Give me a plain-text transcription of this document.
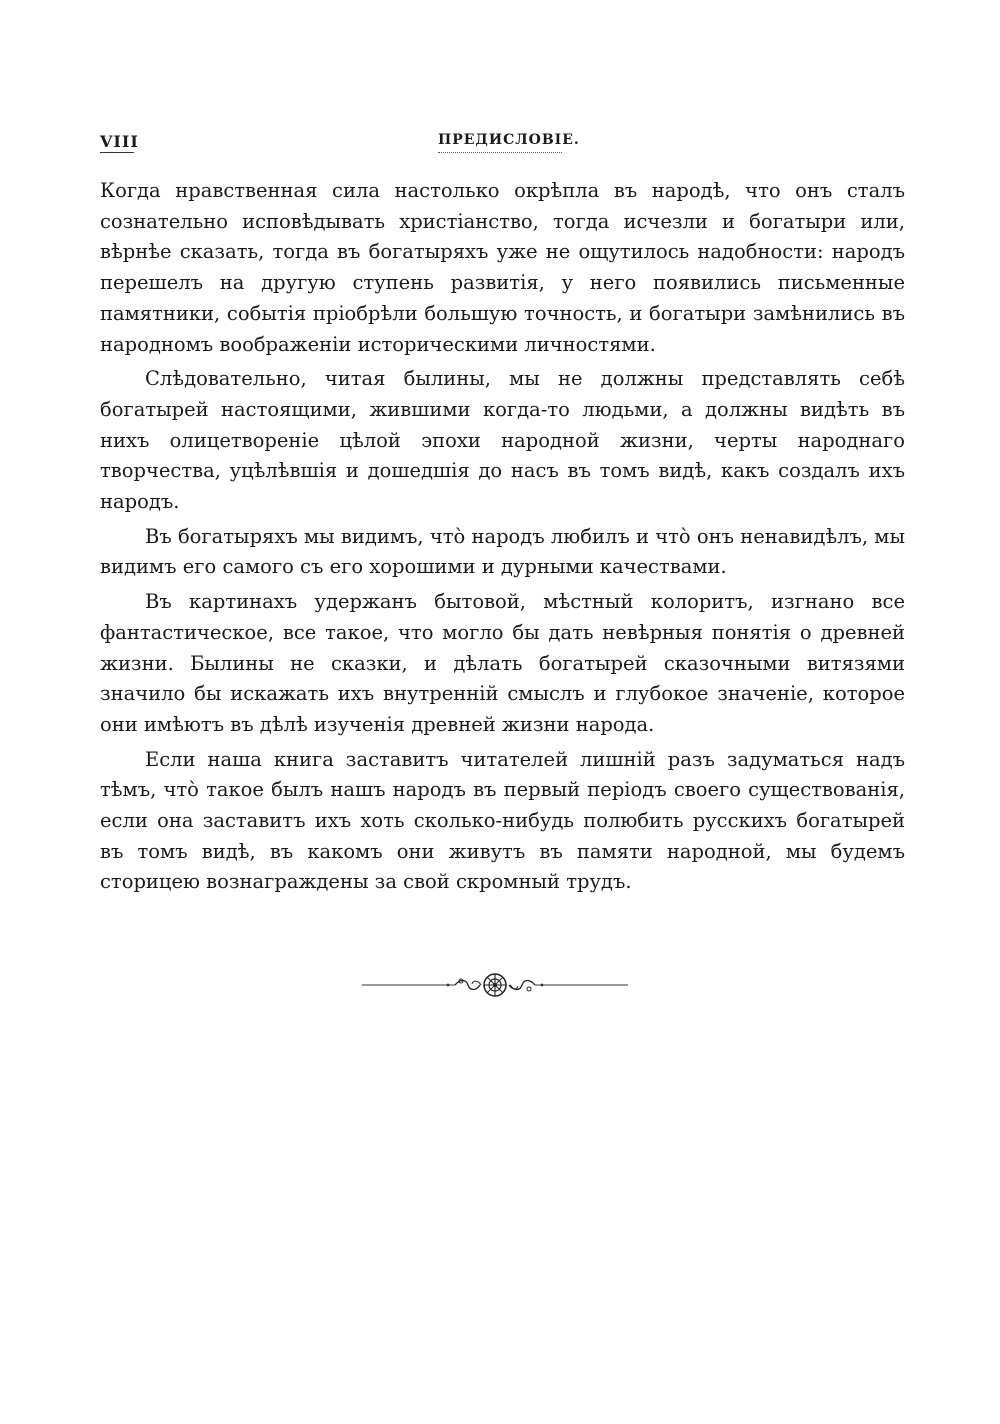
VIII	ПРЕДИСЛОВІЕ.

Когда нравственная сила настолько окрѣпла въ народѣ, что онъ сталъ сознательно исповѣдывать христіанство, тогда исчезли и богатыри или, вѣрнѣе сказать, тогда въ богатыряхъ уже не ощутилось надобности: народъ перешелъ на другую ступень развитія, у него появились письменные памятники, событія пріобрѣли большую точность, и богатыри замѣнились въ народномъ воображеніи историческими личностями.

Слѣдовательно, читая былины, мы не должны представлять себѣ богатырей настоящими, жившими когда-то людьми, а должны видѣть въ нихъ олицетвореніе цѣлой эпохи народной жизни, черты народнаго творчества, уцѣлѣвшія и дошедшія до насъ въ томъ видѣ, какъ создалъ ихъ народъ.

Въ богатыряхъ мы видимъ, что̀ народъ любилъ и что̀ онъ ненавидѣлъ, мы видимъ его самого съ его хорошими и дурными качествами.

Въ картинахъ удержанъ бытовой, мѣстный колоритъ, изгнано все фантастическое, все такое, что могло бы дать невѣрныя понятія о древней жизни. Былины не сказки, и дѣлать богатырей сказочными витязями значило бы искажать ихъ внутренній смыслъ и глубокое значеніе, которое они имѣютъ въ дѣлѣ изученія древней жизни народа.

Если наша книга заставитъ читателей лишній разъ задуматься надъ тѣмъ, что̀ такое былъ нашъ народъ въ первый періодъ своего существованія, если она заставитъ ихъ хоть сколько-нибудь полюбить русскихъ богатырей въ томъ видѣ, въ какомъ они живутъ въ памяти народной, мы будемъ сторицею вознаграждены за свой скромный трудъ.
